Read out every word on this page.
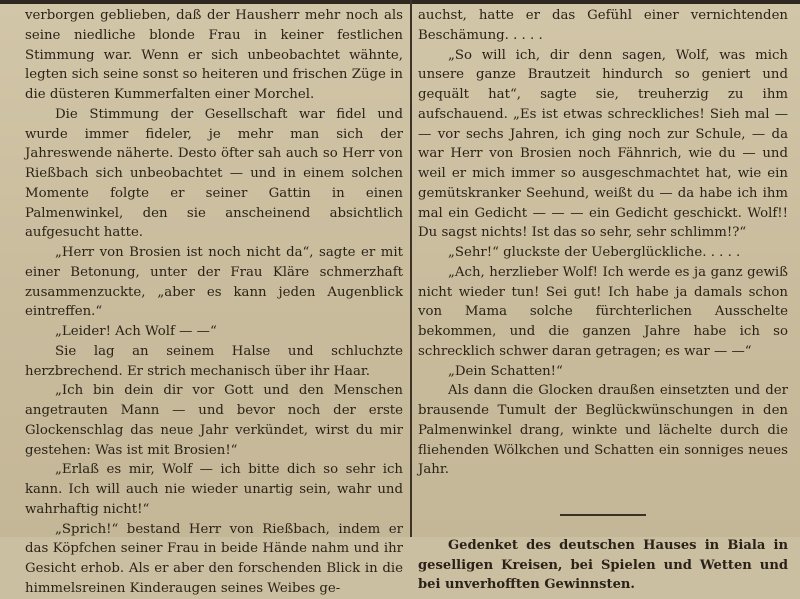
verborgen geblieben, daß der Hausherr mehr noch als seine niedliche blonde Frau in keiner festlichen Stimmung war. Wenn er sich unbeobachtet wähnte, legten sich seine sonst so heiteren und frischen Züge in die düsteren Kummerfalten einer Morchel.

Die Stimmung der Gesellschaft war fidel und wurde immer fideler, je mehr man sich der Jahreswende näherte. Desto öfter sah auch so Herr von Rießbach sich unbeobachtet — und in einem solchen Momente folgte er seiner Gattin in einen Palmenwinkel, den sie anscheinend absichtlich aufgesucht hatte.

„Herr von Brosien ist noch nicht da“, sagte er mit einer Betonung, unter der Frau Kläre schmerzhaft zusammenzuckte, „aber es kann jeden Augenblick eintreffen.“

„Leider! Ach Wolf — —“

Sie lag an seinem Halse und schluchzte herzbrechend. Er strich mechanisch über ihr Haar.

„Ich bin dein dir vor Gott und den Menschen angetrauten Mann — und bevor noch der erste Glockenschlag das neue Jahr verkündet, wirst du mir gestehen: Was ist mit Brosien!“

„Erlaß es mir, Wolf — ich bitte dich so sehr ich kann. Ich will auch nie wieder unartig sein, wahr und wahrhaftig nicht!“

„Sprich!“ bestand Herr von Rießbach, indem er das Köpfchen seiner Frau in beide Hände nahm und ihr Gesicht erhob. Als er aber den forschenden Blick in die himmelsreinen Kinderaugen seines Weibes ge-

auchst, hatte er das Gefühl einer vernichtenden Beschämung. . . . .

„So will ich, dir denn sagen, Wolf, was mich unsere ganze Brautzeit hindurch so geniert und gequält hat“, sagte sie, treuherzig zu ihm aufschauend. „Es ist etwas schreckliches! Sieh mal — — vor sechs Jahren, ich ging noch zur Schule, — da war Herr von Brosien noch Fähnrich, wie du — und weil er mich immer so ausgeschmachtet hat, wie ein gemütskranker Seehund, weißt du — da habe ich ihm mal ein Gedicht — — — ein Gedicht geschickt. Wolf!! Du sagst nichts! Ist das so sehr, sehr schlimm!?“

„Sehr!“ gluckste der Ueberglückliche. . . . .

„Ach, herzlieber Wolf! Ich werde es ja ganz gewiß nicht wieder tun! Sei gut! Ich habe ja damals schon von Mama solche fürchterlichen Ausschelte bekommen, und die ganzen Jahre habe ich so schrecklich schwer daran getragen; es war — —“

„Dein Schatten!“

Als dann die Glocken draußen einsetzten und der brausende Tumult der Beglückwünschungen in den Palmenwinkel drang, winkte und lächelte durch die fliehenden Wölkchen und Schatten ein sonniges neues Jahr.

Gedenket des deutschen Hauses in Biala in geselligen Kreisen, bei Spielen und Wetten und bei unverhofften Gewinnsten.
